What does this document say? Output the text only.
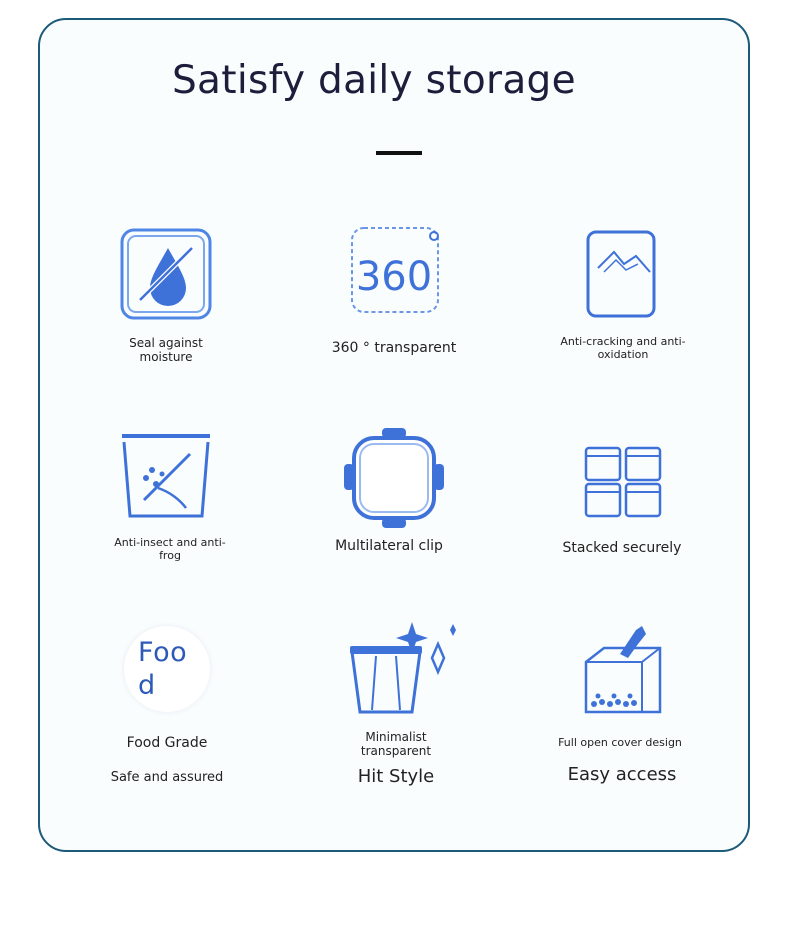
Satisfy daily storage
Seal against
moisture
360
360 ° transparent	Anti-cracking and anti-
oxidation
Anti-insect and anti-
frog
Multilateral clip	Stacked securely
Food
Food Grade
Safe and assured
Minimalist
transparent
Hit Style
Full open cover design
Easy access
